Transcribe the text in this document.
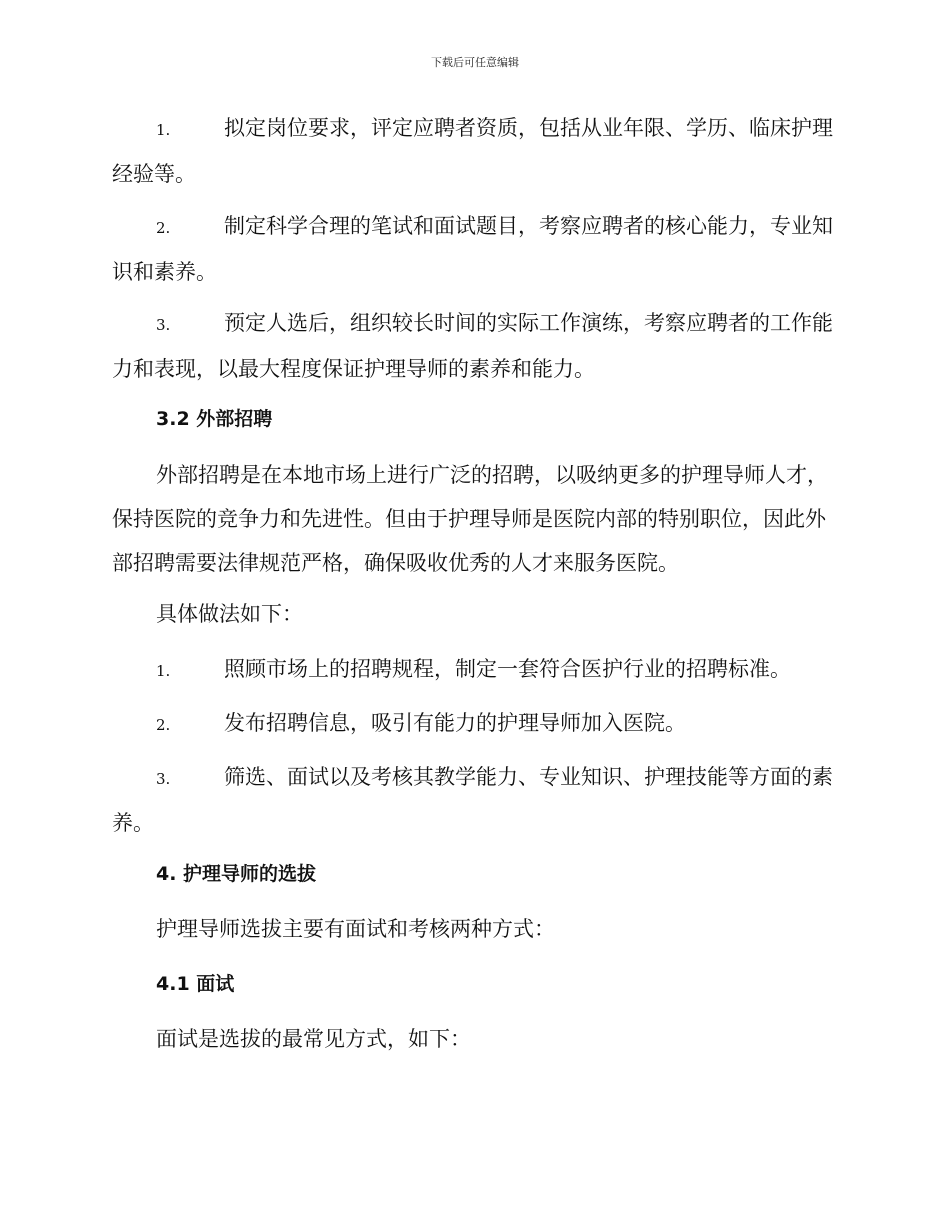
下载后可任意编辑
1.	拟定岗位要求，评定应聘者资质，包括从业年限、学历、临床护理经验等。
2.	制定科学合理的笔试和面试题目，考察应聘者的核心能力，专业知识和素养。
3.	预定人选后，组织较长时间的实际工作演练，考察应聘者的工作能力和表现，以最大程度保证护理导师的素养和能力。
3.2 外部招聘
外部招聘是在本地市场上进行广泛的招聘，以吸纳更多的护理导师人才，保持医院的竞争力和先进性。但由于护理导师是医院内部的特别职位，因此外部招聘需要法律规范严格，确保吸收优秀的人才来服务医院。
具体做法如下：
1.	照顾市场上的招聘规程，制定一套符合医护行业的招聘标准。
2.	发布招聘信息，吸引有能力的护理导师加入医院。
3.	筛选、面试以及考核其教学能力、专业知识、护理技能等方面的素养。
4. 护理导师的选拔
护理导师选拔主要有面试和考核两种方式：
4.1 面试
面试是选拔的最常见方式，如下：
